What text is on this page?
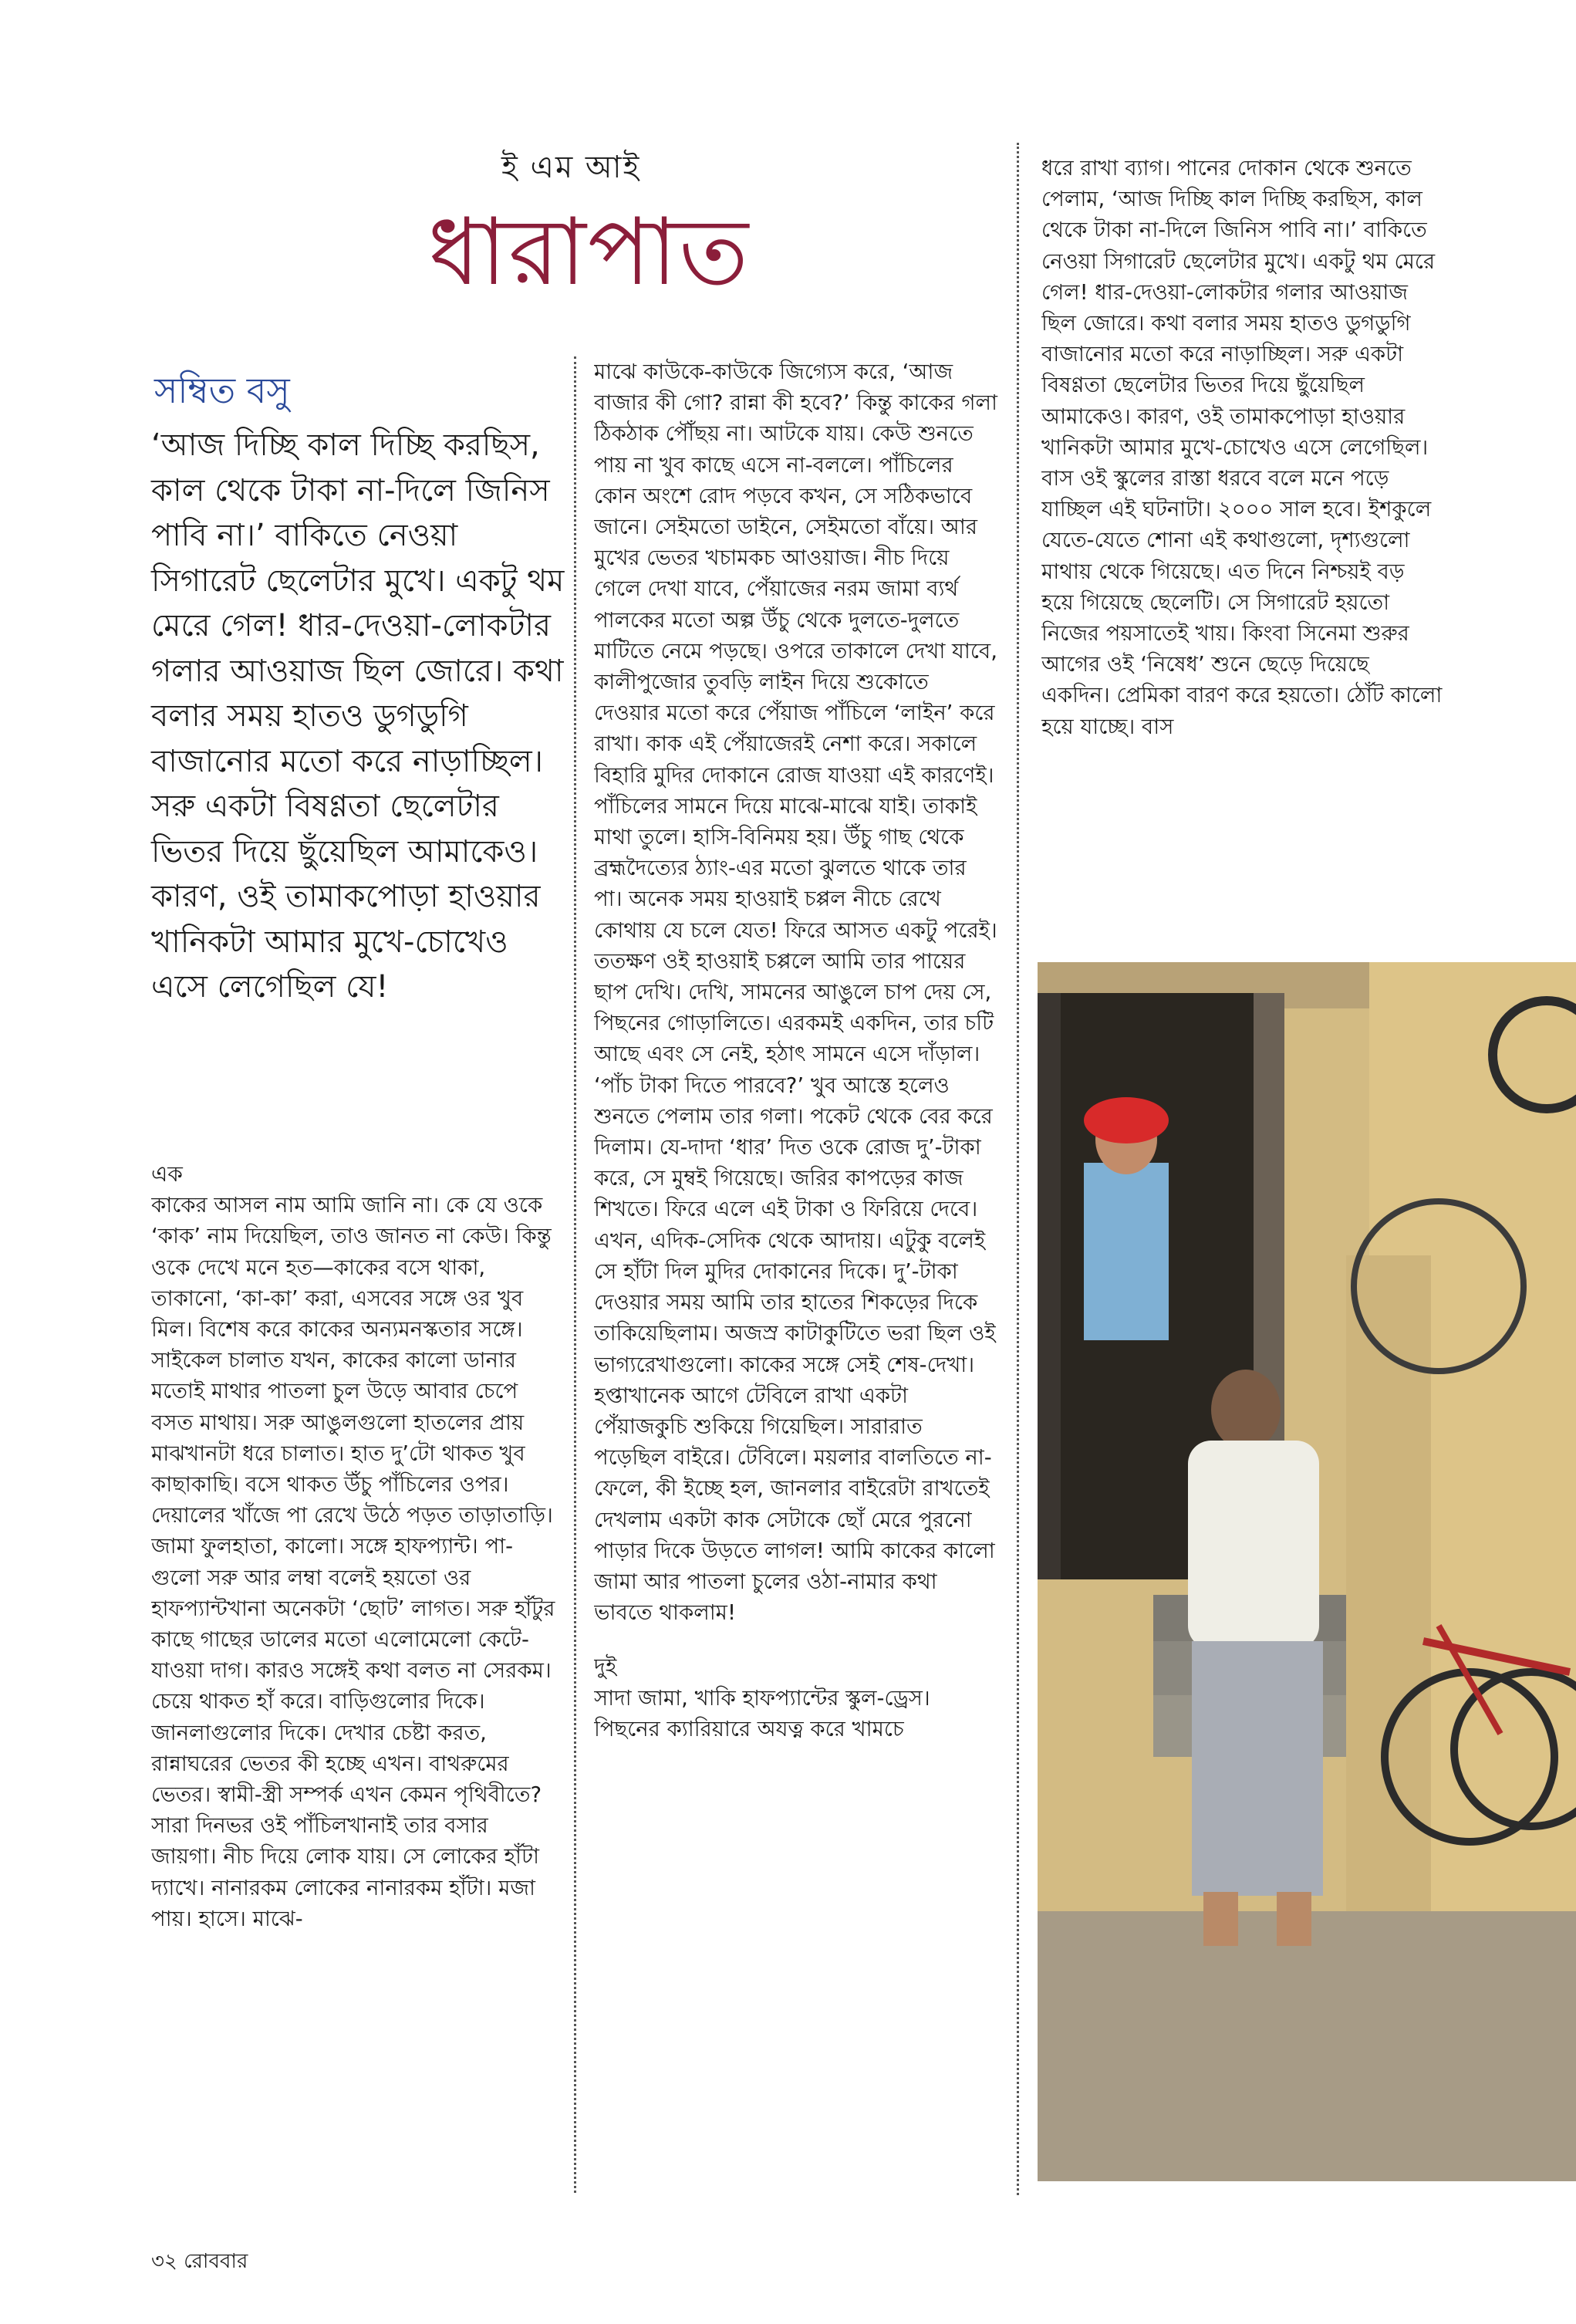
ই এম আই
ধারাপাত
সম্বিত বসু
‘আজ দিচ্ছি কাল দিচ্ছি করছিস, কাল থেকে টাকা না-দিলে জিনিস পাবি না।’ বাকিতে নেওয়া সিগারেট ছেলেটার মুখে। একটু থম মেরে গেল! ধার-দেওয়া-লোকটার গলার আওয়াজ ছিল জোরে। কথা বলার সময় হাতও ডুগডুগি বাজানোর মতো করে নাড়াচ্ছিল। সরু একটা বিষণ্ণতা ছেলেটার ভিতর দিয়ে ছুঁয়েছিল আমাকেও। কারণ, ওই তামাকপোড়া হাওয়ার খানিকটা আমার মুখে-চোখেও এসে লেগেছিল যে!

এক

কাকের আসল নাম আমি জানি না। কে যে ওকে ‘কাক’ নাম দিয়েছিল, তাও জানত না কেউ। কিন্তু ওকে দেখে মনে হত—কাকের বসে থাকা, তাকানো, ‘কা-কা’ করা, এসবের সঙ্গে ওর খুব মিল। বিশেষ করে কাকের অন্যমনস্কতার সঙ্গে। সাইকেল চালাত যখন, কাকের কালো ডানার মতোই মাথার পাতলা চুল উড়ে আবার চেপে বসত মাথায়। সরু আঙুলগুলো হাতলের প্রায় মাঝখানটা ধরে চালাত। হাত দু’টো থাকত খুব কাছাকাছি। বসে থাকত উঁচু পাঁচিলের ওপর। দেয়ালের খাঁজে পা রেখে উঠে পড়ত তাড়াতাড়ি। জামা ফুলহাতা, কালো। সঙ্গে হাফপ্যান্ট। পা-গুলো সরু আর লম্বা বলেই হয়তো ওর হাফপ্যান্টখানা অনেকটা ‘ছোট’ লাগত। সরু হাঁটুর কাছে গাছের ডালের মতো এলোমেলো কেটে-যাওয়া দাগ। কারও সঙ্গেই কথা বলত না সেরকম। চেয়ে থাকত হাঁ করে। বাড়িগুলোর দিকে। জানলাগুলোর দিকে। দেখার চেষ্টা করত, রান্নাঘরের ভেতর কী হচ্ছে এখন। বাথরুমের ভেতর। স্বামী-স্ত্রী সম্পর্ক এখন কেমন পৃথিবীতে? সারা দিনভর ওই পাঁচিলখানাই তার বসার জায়গা। নীচ দিয়ে লোক যায়। সে লোকের হাঁটা দ্যাখে। নানারকম লোকের নানারকম হাঁটা। মজা পায়। হাসে। মাঝে-

মাঝে কাউকে-কাউকে জিগ্যেস করে, ‘আজ বাজার কী গো? রান্না কী হবে?’ কিন্তু কাকের গলা ঠিকঠাক পৌঁছয় না। আটকে যায়। কেউ শুনতে পায় না খুব কাছে এসে না-বললে। পাঁচিলের কোন অংশে রোদ পড়বে কখন, সে সঠিকভাবে জানে। সেইমতো ডাইনে, সেইমতো বাঁয়ে। আর মুখের ভেতর খচামকচ আওয়াজ। নীচ দিয়ে গেলে দেখা যাবে, পেঁয়াজের নরম জামা ব্যর্থ পালকের মতো অল্প উঁচু থেকে দুলতে-দুলতে মাটিতে নেমে পড়ছে। ওপরে তাকালে দেখা যাবে, কালীপুজোর তুবড়ি লাইন দিয়ে শুকোতে দেওয়ার মতো করে পেঁয়াজ পাঁচিলে ‘লাইন’ করে রাখা। কাক এই পেঁয়াজেরই নেশা করে। সকালে বিহারি মুদির দোকানে রোজ যাওয়া এই কারণেই। পাঁচিলের সামনে দিয়ে মাঝে-মাঝে যাই। তাকাই মাথা তুলে। হাসি-বিনিময় হয়। উঁচু গাছ থেকে ব্রহ্মদৈত্যের ঠ্যাং-এর মতো ঝুলতে থাকে তার পা। অনেক সময় হাওয়াই চপ্পল নীচে রেখে কোথায় যে চলে যেত! ফিরে আসত একটু পরেই। ততক্ষণ ওই হাওয়াই চপ্পলে আমি তার পায়ের ছাপ দেখি। দেখি, সামনের আঙুলে চাপ দেয় সে, পিছনের গোড়ালিতে। এরকমই একদিন, তার চটি আছে এবং সে নেই, হঠাৎ সামনে এসে দাঁড়াল। ‘পাঁচ টাকা দিতে পারবে?’ খুব আস্তে হলেও শুনতে পেলাম তার গলা। পকেট থেকে বের করে দিলাম। যে-দাদা ‘ধার’ দিত ওকে রোজ দু’-টাকা করে, সে মুম্বই গিয়েছে। জরির কাপড়ের কাজ শিখতে। ফিরে এলে এই টাকা ও ফিরিয়ে দেবে। এখন, এদিক-সেদিক থেকে আদায়। এটুকু বলেই সে হাঁটা দিল মুদির দোকানের দিকে। দু’-টাকা দেওয়ার সময় আমি তার হাতের শিকড়ের দিকে তাকিয়েছিলাম। অজস্র কাটাকুটিতে ভরা ছিল ওই ভাগ্যরেখাগুলো। কাকের সঙ্গে সেই শেষ-দেখা। হপ্তাখানেক আগে টেবিলে রাখা একটা পেঁয়াজকুচি শুকিয়ে গিয়েছিল। সারারাত পড়েছিল বাইরে। টেবিলে। ময়লার বালতিতে না-ফেলে, কী ইচ্ছে হল, জানলার বাইরেটা রাখতেই দেখলাম একটা কাক সেটাকে ছোঁ মেরে পুরনো পাড়ার দিকে উড়তে লাগল! আমি কাকের কালো জামা আর পাতলা চুলের ওঠা-নামার কথা ভাবতে থাকলাম!

দুই

সাদা জামা, খাকি হাফপ্যান্টের স্কুল-ড্রেস। পিছনের ক্যারিয়ারে অযত্ন করে খামচে

ধরে রাখা ব্যাগ। পানের দোকান থেকে শুনতে পেলাম, ‘আজ দিচ্ছি কাল দিচ্ছি করছিস, কাল থেকে টাকা না-দিলে জিনিস পাবি না।’ বাকিতে নেওয়া সিগারেট ছেলেটার মুখে। একটু থম মেরে গেল! ধার-দেওয়া-লোকটার গলার আওয়াজ ছিল জোরে। কথা বলার সময় হাতও ডুগডুগি বাজানোর মতো করে নাড়াচ্ছিল। সরু একটা বিষণ্ণতা ছেলেটার ভিতর দিয়ে ছুঁয়েছিল আমাকেও। কারণ, ওই তামাকপোড়া হাওয়ার খানিকটা আমার মুখে-চোখেও এসে লেগেছিল। বাস ওই স্কুলের রাস্তা ধরবে বলে মনে পড়ে যাচ্ছিল এই ঘটনাটা। ২০০০ সাল হবে। ইশকুলে যেতে-যেতে শোনা এই কথাগুলো, দৃশ্যগুলো মাথায় থেকে গিয়েছে। এত দিনে নিশ্চয়ই বড় হয়ে গিয়েছে ছেলেটি। সে সিগারেট হয়তো নিজের পয়সাতেই খায়। কিংবা সিনেমা শুরুর আগের ওই ‘নিষেধ’ শুনে ছেড়ে দিয়েছে একদিন। প্রেমিকা বারণ করে হয়তো। ঠোঁট কালো হয়ে যাচ্ছে। বাস

৩২ রোববার
